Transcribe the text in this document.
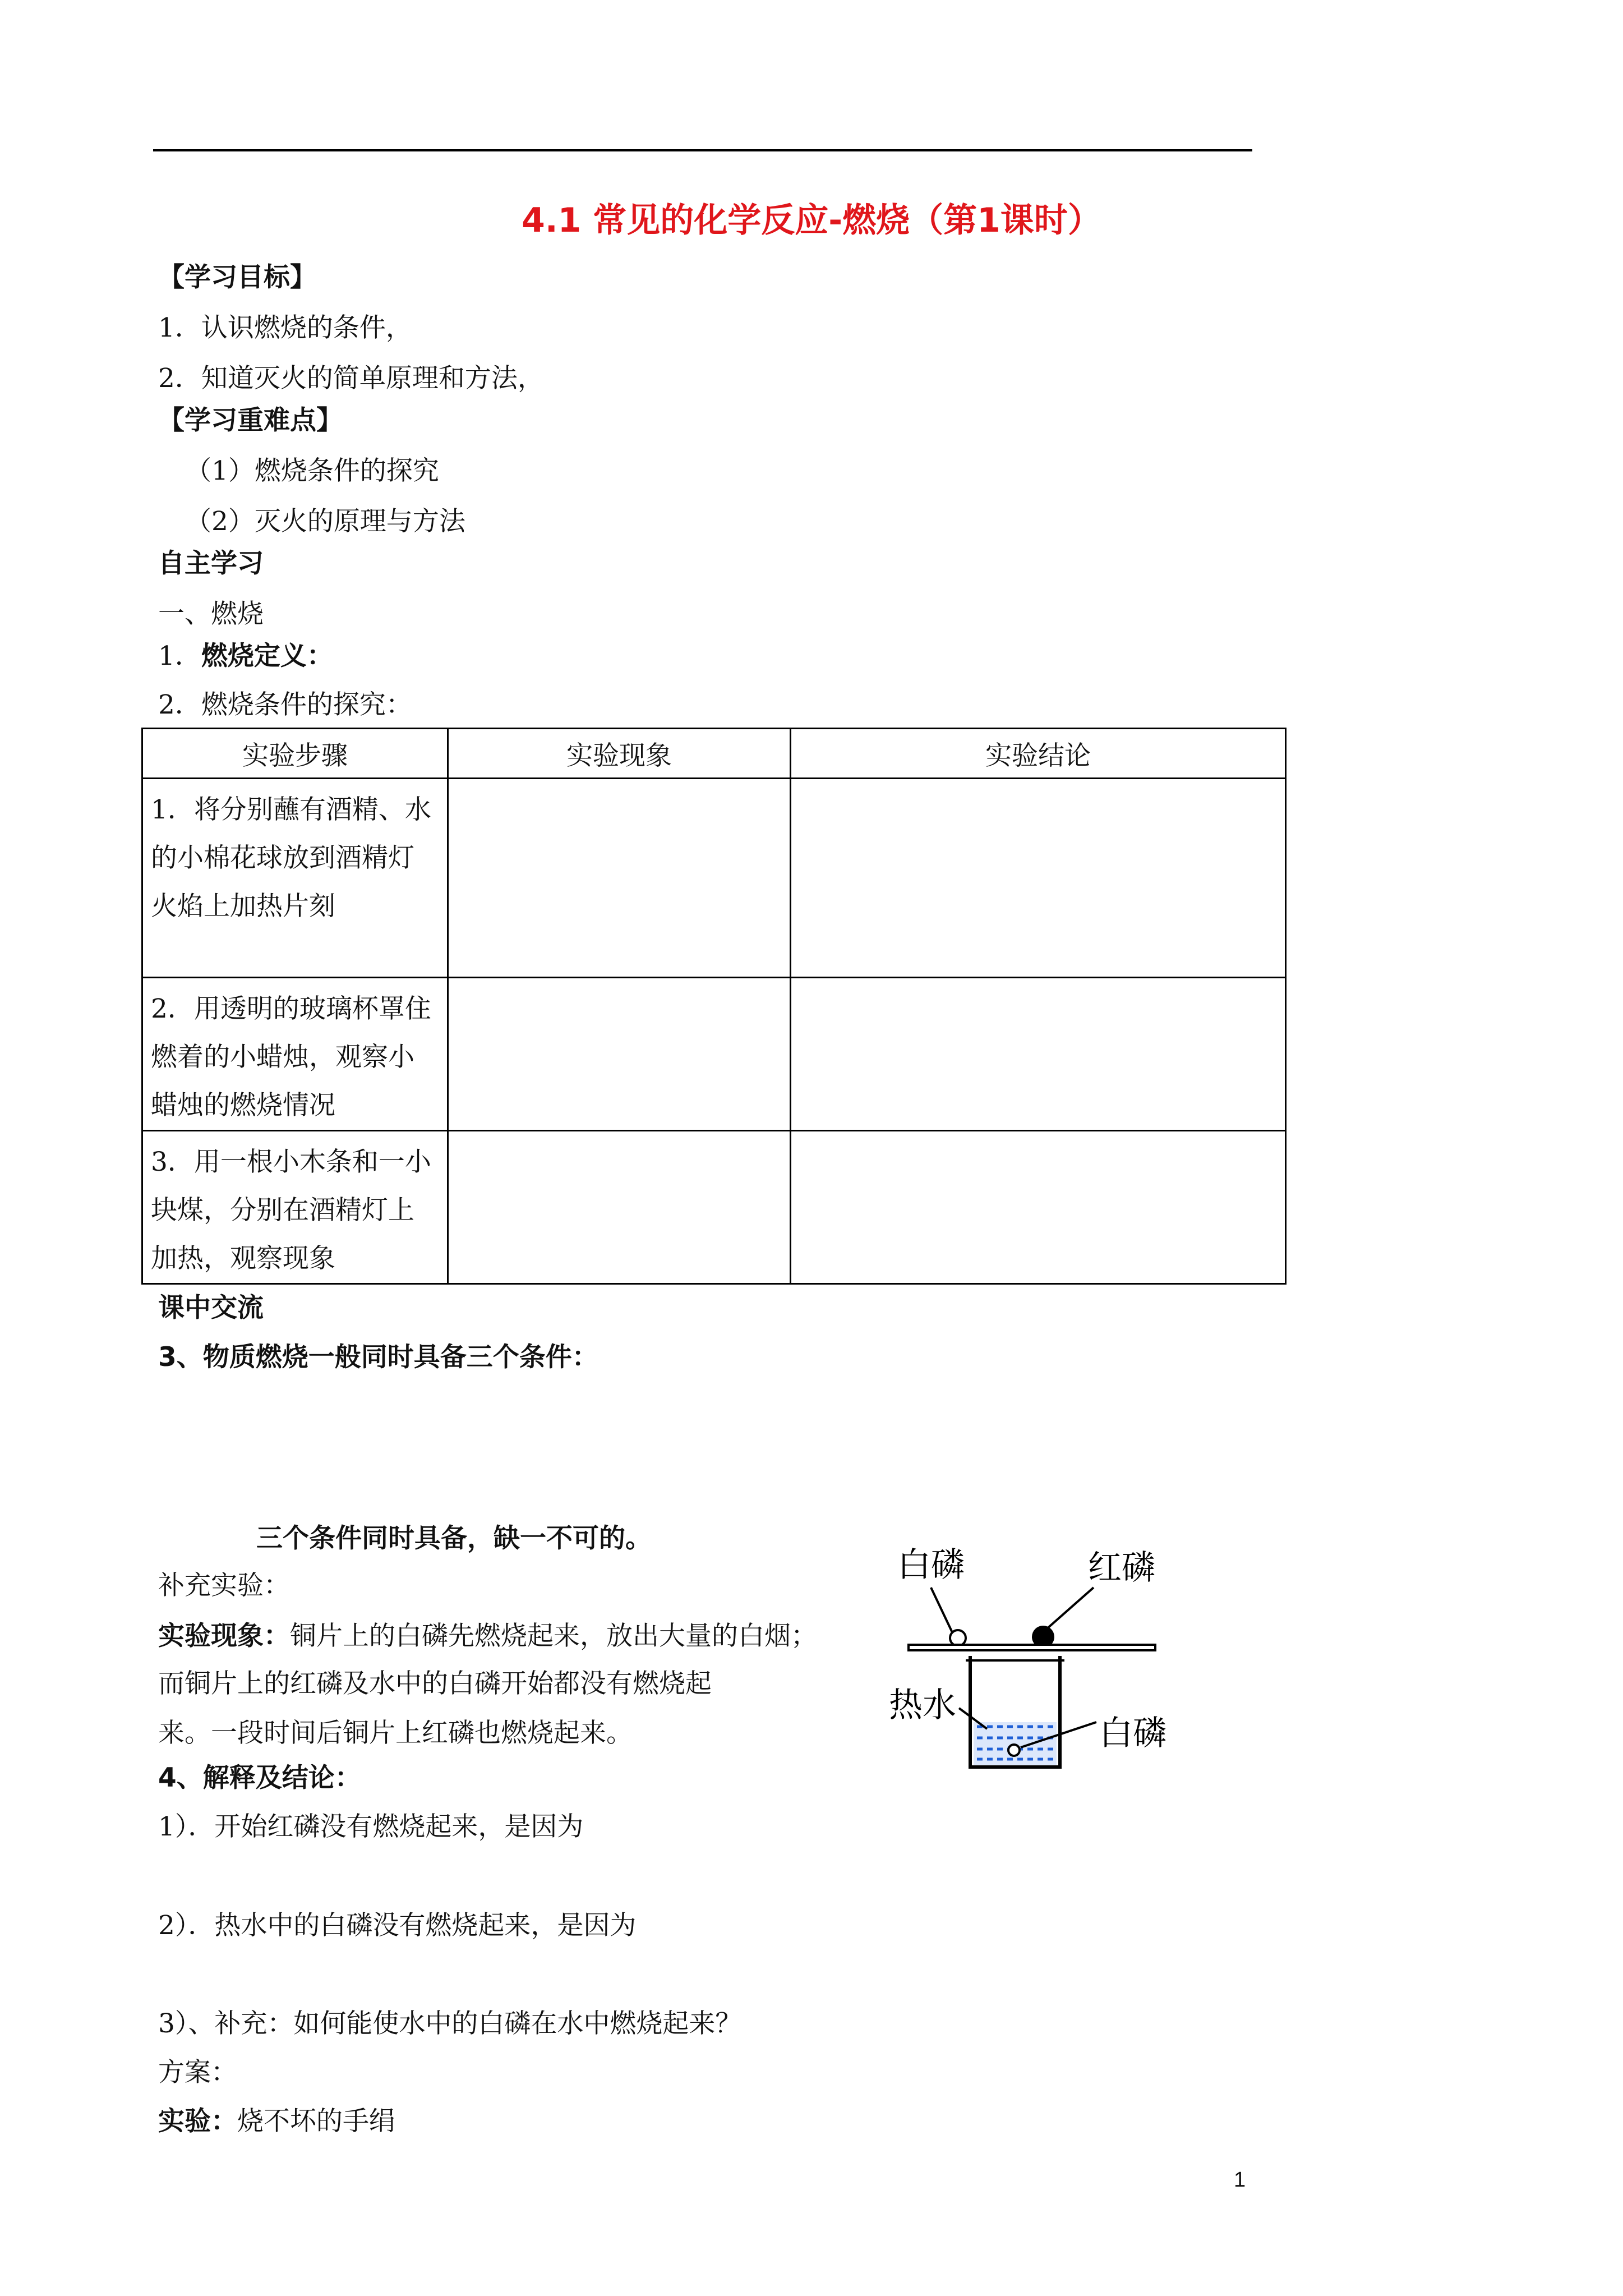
4.1 常见的化学反应-燃烧（第1课时）
【学习目标】
1．认识燃烧的条件，
2．知道灭火的简单原理和方法，
【学习重难点】
（1）燃烧条件的探究
（2）灭火的原理与方法
自主学习
一、燃烧
1．燃烧定义：
2．燃烧条件的探究：
实验步骤	实验现象	实验结论

1．将分别蘸有酒精、水的小棉花球放到酒精灯火焰上加热片刻		

2．用透明的玻璃杯罩住燃着的小蜡烛，观察小蜡烛的燃烧情况		

3．用一根小木条和一小块煤，分别在酒精灯上加热，观察现象		

课中交流
3、物质燃烧一般同时具备三个条件：
三个条件同时具备，缺一不可的。
补充实验：
实验现象：铜片上的白磷先燃烧起来，放出大量的白烟；
而铜片上的红磷及水中的白磷开始都没有燃烧起
来。一段时间后铜片上红磷也燃烧起来。
白磷	红磷
热水
白磷
4、解释及结论：
1）．开始红磷没有燃烧起来，是因为
2）．热水中的白磷没有燃烧起来，是因为
3）、补充：如何能使水中的白磷在水中燃烧起来？
方案：
实验：烧不坏的手绢
1
